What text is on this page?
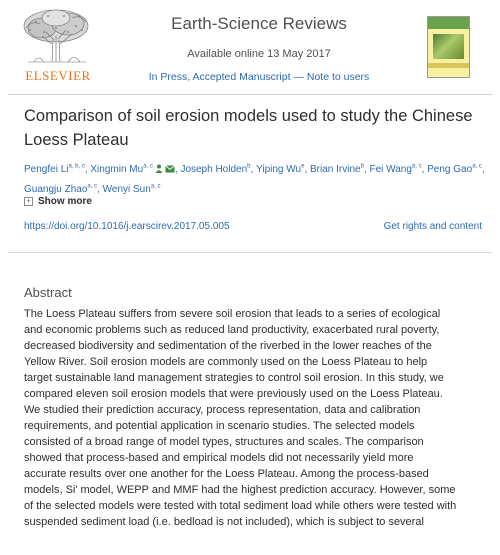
ELSEVIER
Earth-Science Reviews
Available online 13 May 2017
In Press, Accepted Manuscript — Note to users
Comparison of soil erosion models used to study the Chinese Loess Plateau
Pengfei Li$^{a, b, c}$, Xingmin Mu$^{a, c}$ , Joseph Holden$^b$, Yiping Wu$^e$, Brian Irvine$^b$, Fei Wang$^{a, c}$, Peng Gao$^{a, c}$, Guangju Zhao$^{a, c}$, Wenyi Sun$^{a, c}$
+ Show more
https://doi.org/10.1016/j.earscirev.2017.05.005	Get rights and content
Abstract

The Loess Plateau suffers from severe soil erosion that leads to a series of ecological
and economic problems such as reduced land productivity, exacerbated rural poverty,
decreased biodiversity and sedimentation of the riverbed in the lower reaches of the
Yellow River. Soil erosion models are commonly used on the Loess Plateau to help
target sustainable land management strategies to control soil erosion. In this study, we
compared eleven soil erosion models that were previously used on the Loess Plateau.
We studied their prediction accuracy, process representation, data and calibration
requirements, and potential application in scenario studies. The selected models
consisted of a broad range of model types, structures and scales. The comparison
showed that process-based and empirical models did not necessarily yield more
accurate results over one another for the Loess Plateau. Among the process-based
models, Si' model, WEPP and MMF had the highest prediction accuracy. However, some
of the selected models were tested with total sediment load while others were tested with
suspended sediment load (i.e. bedload is not included), which is subject to several
